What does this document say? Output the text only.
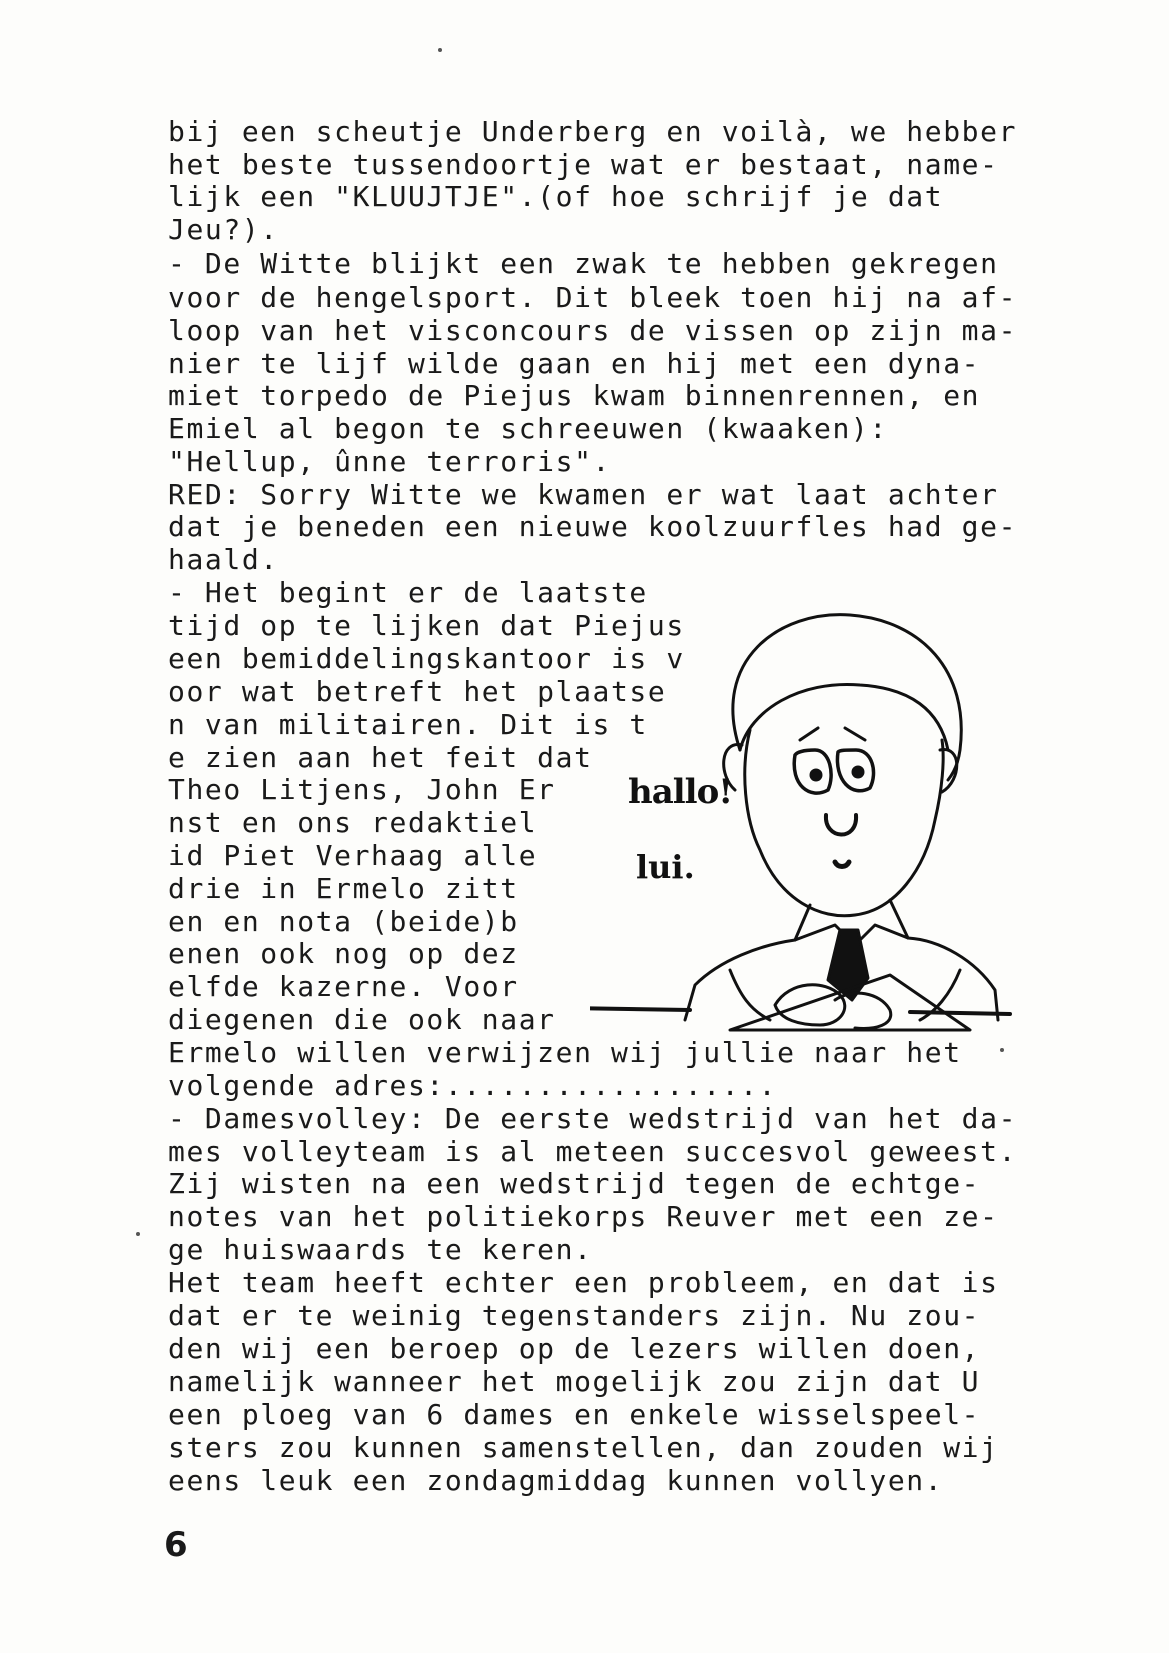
bij een scheutje Underberg en voilà, we hebber
het beste tussendoortje wat er bestaat, name-
lijk een "KLUUJTJE".(of hoe schrijf je dat
Jeu?).
- De Witte blijkt een zwak te hebben gekregen
voor de hengelsport. Dit bleek toen hij na af-
loop van het visconcours de vissen op zijn ma-
nier te lijf wilde gaan en hij met een dyna-
miet torpedo de Piejus kwam binnenrennen, en
Emiel al begon te schreeuwen (kwaaken):
"Hellup, ûnne terroris".
RED: Sorry Witte we kwamen er wat laat achter
dat je beneden een nieuwe koolzuurfles had ge-
haald.
- Het begint er de laatste
tijd op te lijken dat Piejus
een bemiddelingskantoor is v
oor wat betreft het plaatse
n van militairen. Dit is t
e zien aan het feit dat
Theo Litjens, John Er
nst en ons redaktiel
id Piet Verhaag alle
drie in Ermelo zitt
en en nota (beide)b
enen ook nog op dez
elfde kazerne. Voor
diegenen die ook naar
Ermelo willen verwijzen wij jullie naar het
volgende adres:..................
- Damesvolley: De eerste wedstrijd van het da-
mes volleyteam is al meteen succesvol geweest.
Zij wisten na een wedstrijd tegen de echtge-
notes van het politiekorps Reuver met een ze-
ge huiswaards te keren.
Het team heeft echter een probleem, en dat is
dat er te weinig tegenstanders zijn. Nu zou-
den wij een beroep op de lezers willen doen,
namelijk wanneer het mogelijk zou zijn dat U
een ploeg van 6 dames en enkele wisselspeel-
sters zou kunnen samenstellen, dan zouden wij
eens leuk een zondagmiddag kunnen vollyen.
hallo!
lui.
6
